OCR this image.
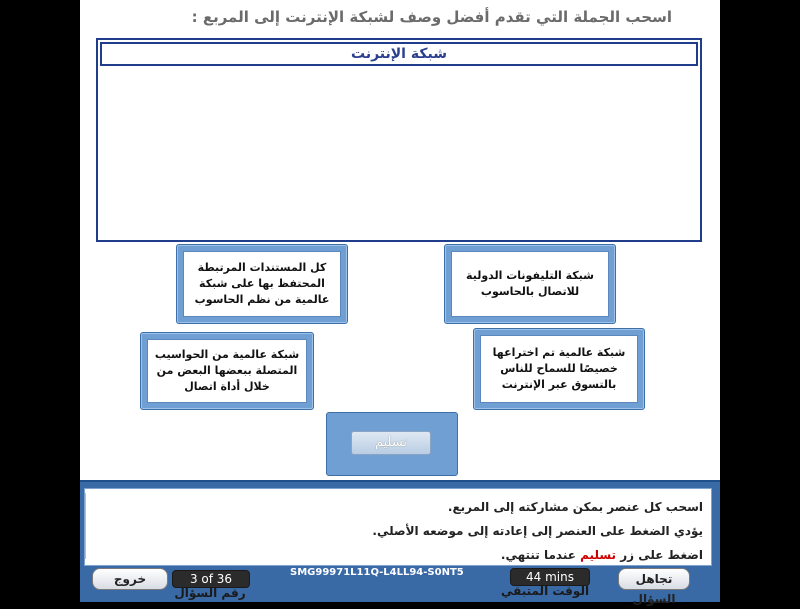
اسحب الجملة التي تقدم أفضل وصف لشبكة الإنترنت إلى المربع :
شبكة الإنترنت
كل المستندات المرتبطة المحتفظ بها على شبكة عالمية من نظم الحاسوب
شبكة التليفونات الدولية للاتصال بالحاسوب
شبكة عالمية من الحواسيب المتصلة ببعضها البعض من خلال أداة اتصال
شبكة عالمية تم اختراعها خصيصًا للسماح للناس بالتسوق عبر الإنترنت
تسليم
اسحب كل عنصر بمكن مشاركته إلى المربع.
يؤدي الضغط على العنصر إلى إعادته إلى موضعه الأصلي.
اضغط على زر تسليم عندما تنتهي.
خروج	3 of 36
رقم السؤال
SMG99971L11Q-L4LL94-S0NT5	44 mins
الوقت المتبقي
تجاهل السؤال
